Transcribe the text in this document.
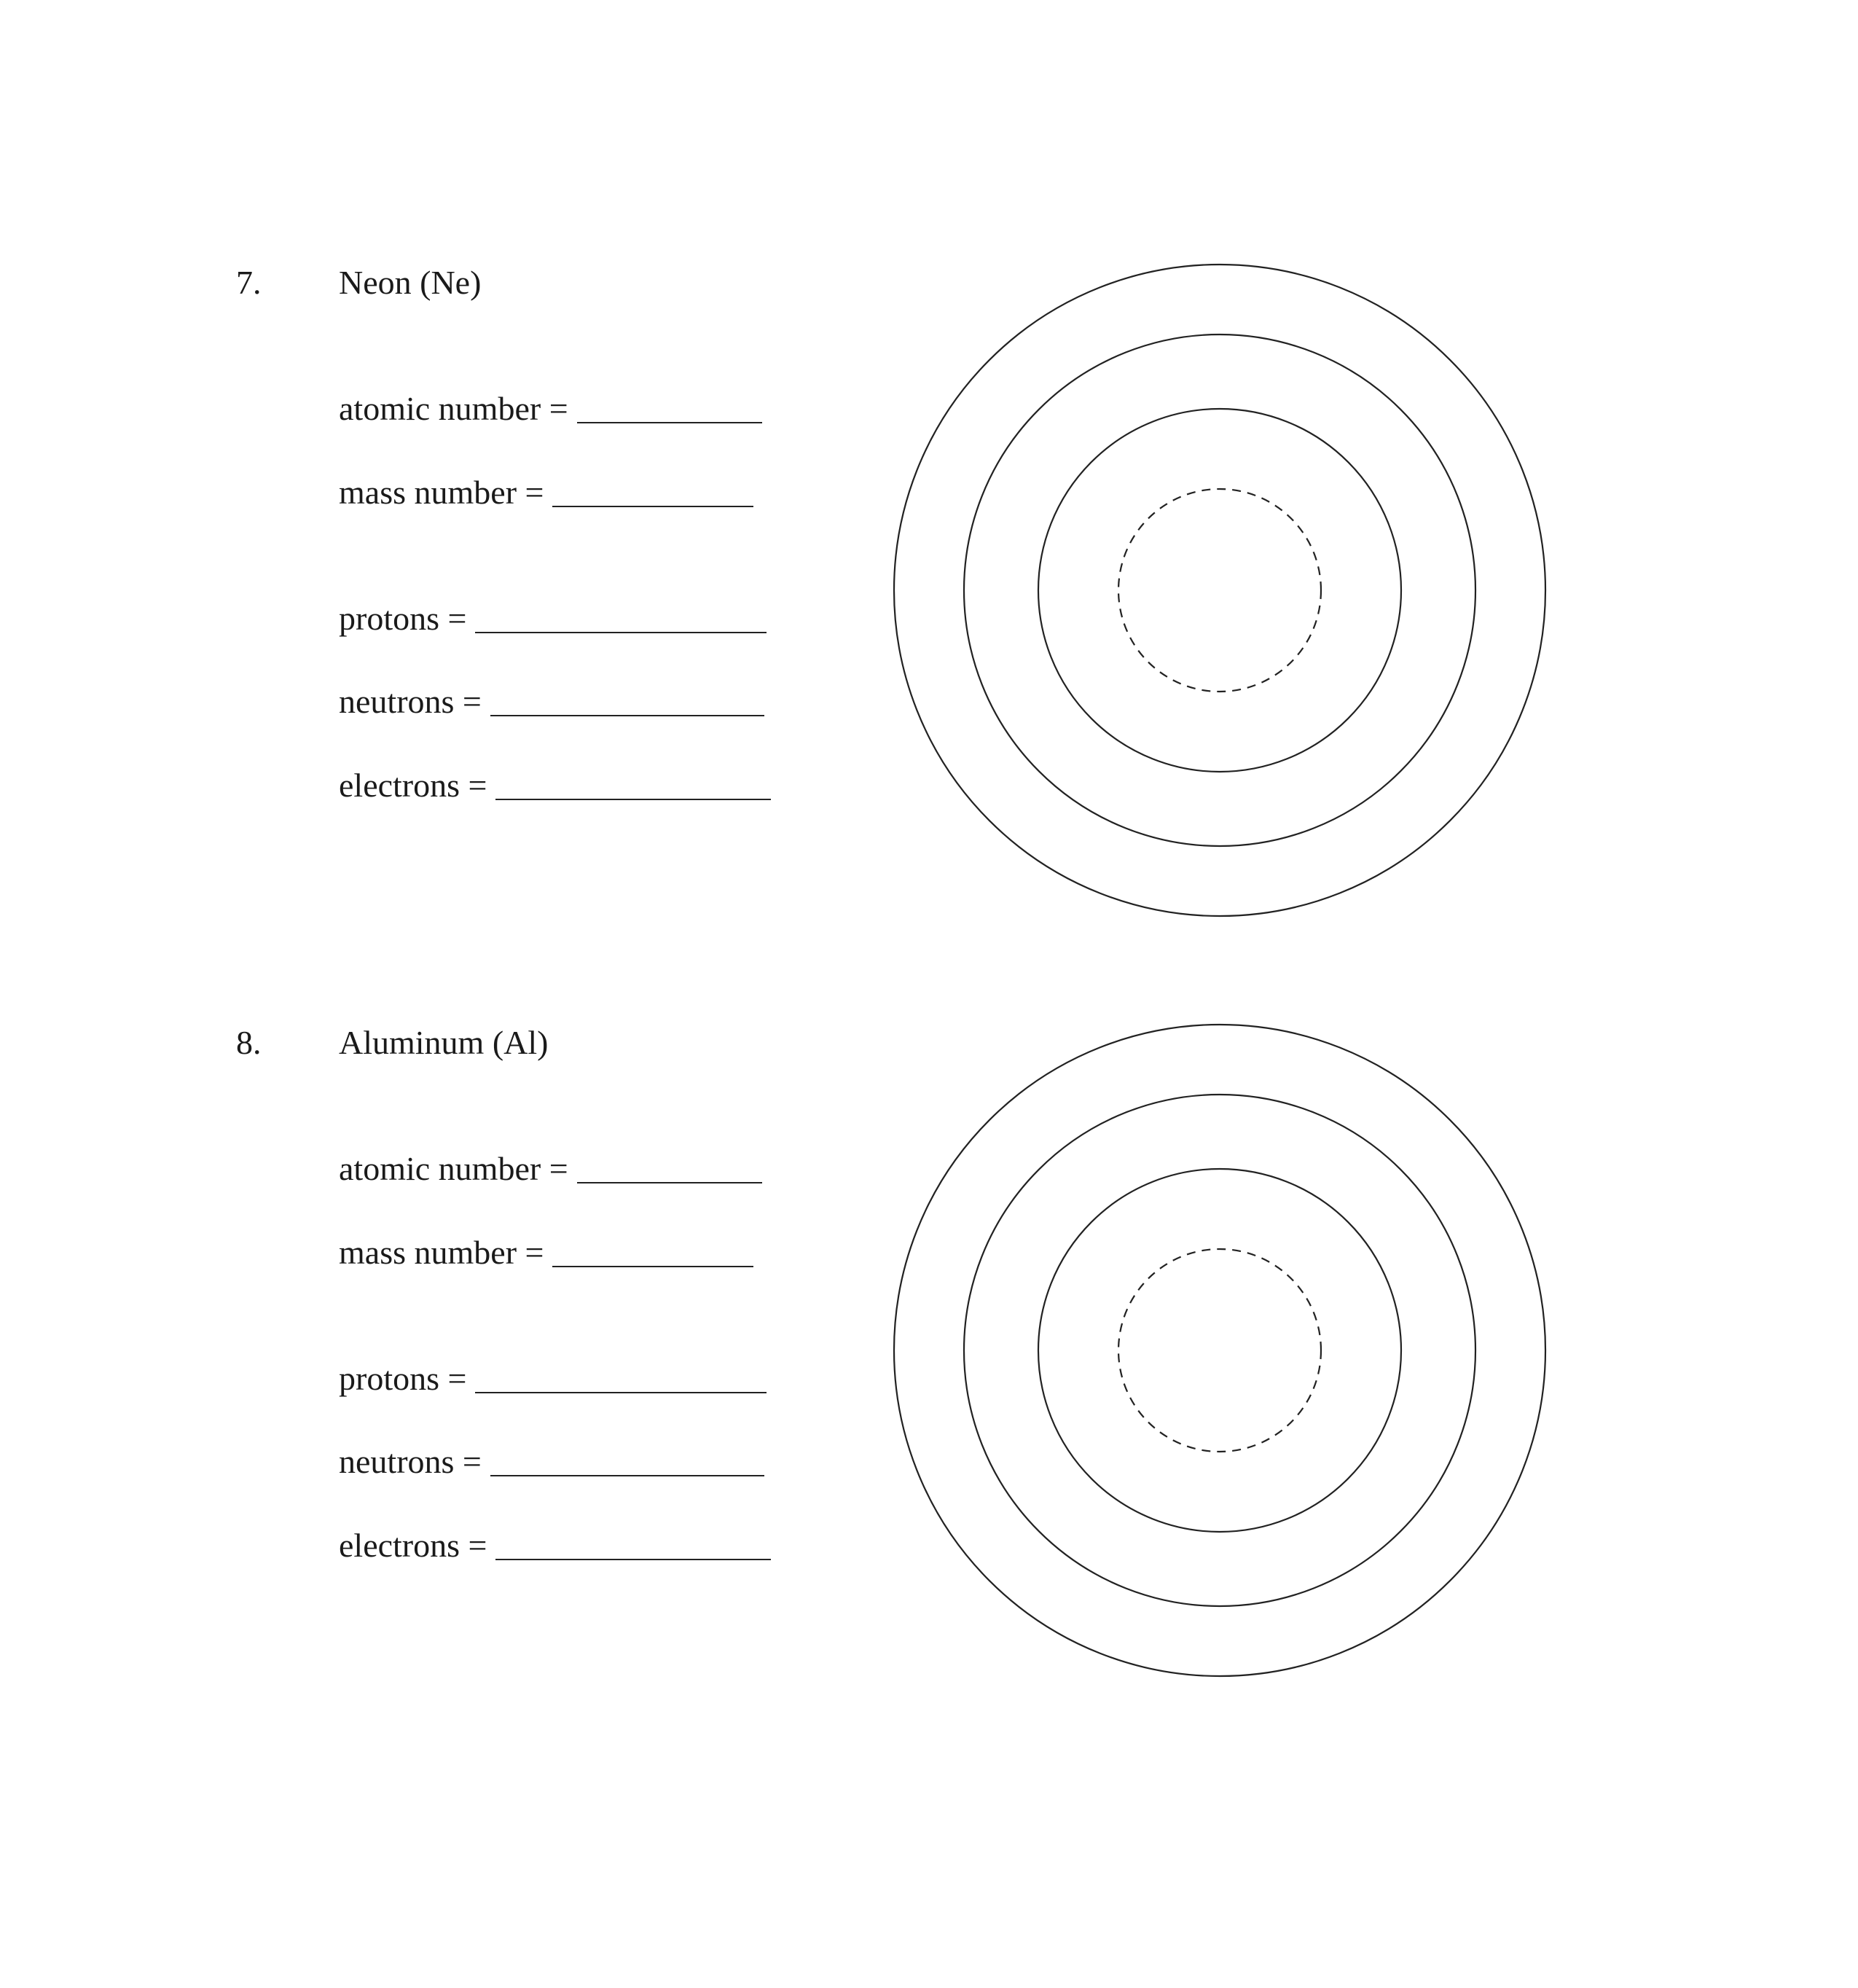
7. Neon (Ne)
atomic number =
mass number =
protons =
neutrons =
electrons =
8. Aluminum (Al)
atomic number =
mass number =
protons =
neutrons =
electrons =
